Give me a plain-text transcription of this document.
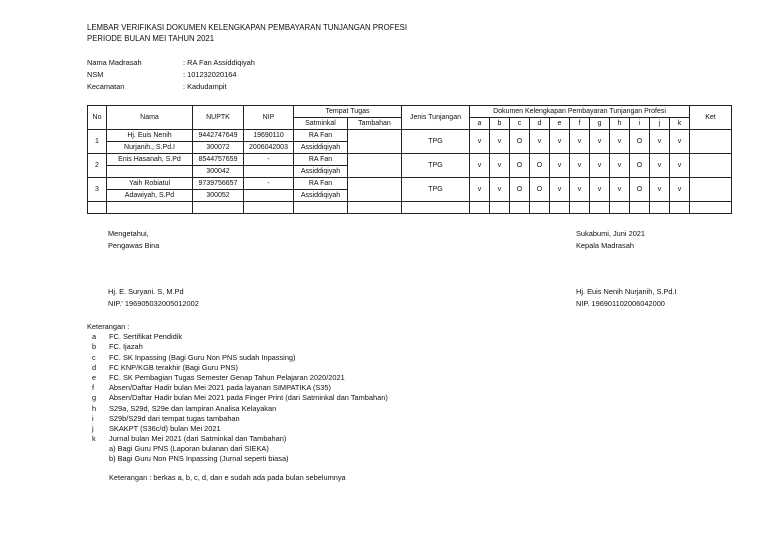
LEMBAR VERIFIKASI DOKUMEN KELENGKAPAN PEMBAYARAN TUNJANGAN PROFESI
PERIODE BULAN MEI TAHUN 2021
Nama Madrasah	: RA Fan Assiddiqiyah
NSM	: 101232020164
Kecamatan	: Kadudampit
No	Nama	NUPTK	NIP	Tempat Tugas		Jenis Tunjangan	Dokumen Kelengkapan Pembayaran Tunjangan Profesi											Ket
				Satminkal	Tambahan		a	b	c	d	e	f	g	h	i	j	k	
1	Hj. Euis Nenih	9442747649	19690110	RA Fan		TPG	v	v	O	v	v	v	v	v	O	v	v	
	Nurjanih., S.Pd.I	300072	2006042003	Assiddiqiyah														
2	Enis Hasanah, S.Pd	8544757659	-	RA Fan		TPG	v	v	O	O	v	v	v	v	O	v	v	
		300042		Assiddiqiyah														
3	Yaih Robiatul	9739756657	-	RA Fan		TPG	v	v	O	O	v	v	v	v	O	v	v	
	Adawiyah, S.Pd	300052		Assiddiqiyah														

Mengetahui,
Pengawas Bina
Sukabumi, Juni 2021
Kepala Madrasah
Hj. E. Suryani. S, M.Pd
NIP.' 196905032005012002
Hj. Euis Nenih Nurjanih, S.Pd.I
NIP. 196901102006042000
Keterangan :
a FC. Sertifikat Pendidik
b FC. Ijazah
c FC. SK Inpassing (Bagi Guru Non PNS sudah Inpassing)
d FC KNP/KGB terakhir (Bagi Guru PNS)
e FC. SK Pembagian Tugas Semester Genap Tahun Pelajaran 2020/2021
f Absen/Daftar Hadir bulan Mei 2021 pada layanan SIMPATIKA (S35)
g Absen/Daftar Hadir bulan Mei 2021 pada Finger Print (dari Satminkal dan Tambahan)
h S29a, S29d, S29e dan lampiran Analisa Kelayakan
i S29b/S29d dari tempat tugas tambahan
j SKAKPT (S36c/d) bulan Mei 2021
k Jurnal bulan Mei 2021 (dari Satminkal dan Tambahan)
a) Bagi Guru PNS (Laporan bulanan dari SIEKA)
b) Bagi Guru Non PNS Inpassing (Jurnal seperti biasa)
Keterangan : berkas a, b, c, d, dan e sudah ada pada bulan sebelumnya
